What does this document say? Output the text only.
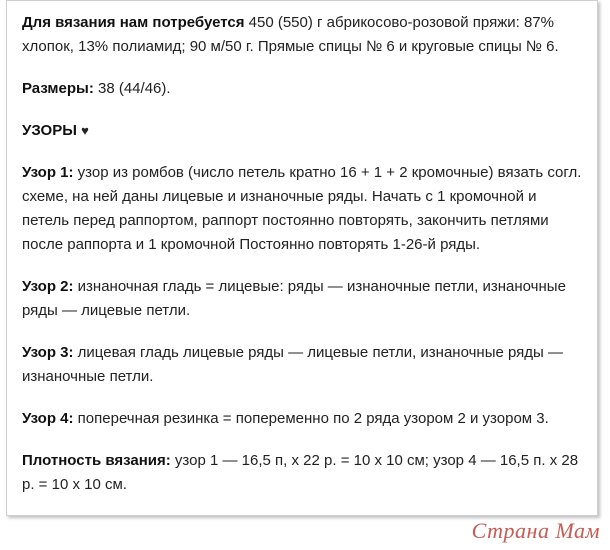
Для вязания нам потребуется 450 (550) г абрикосово-розовой пряжи: 87% хлопок, 13% полиамид; 90 м/50 г. Прямые спицы № 6 и круговые спицы № 6.

Размеры: 38 (44/46).

УЗОРЫ ♥

Узор 1: узор из ромбов (число петель кратно 16 + 1 + 2 кромочные) вязать согл. схеме, на ней даны лицевые и изнаночные ряды. Начать с 1 кромочной и петель перед раппортом, раппорт постоянно повторять, закончить петлями после раппорта и 1 кромочной Постоянно повторять 1-26-й ряды.

Узор 2: изнаночная гладь = лицевые: ряды — изнаночные петли, изнаночные ряды — лицевые петли.

Узор 3: лицевая гладь лицевые ряды — лицевые петли, изнаночные ряды — изнаночные петли.

Узор 4: поперечная резинка = попеременно по 2 ряда узором 2 и узором 3.

Плотность вязания: узор 1 — 16,5 п, х 22 р. = 10 х 10 см; узор 4 — 16,5 п. х 28 р. = 10 х 10 см.

Страна Мам
